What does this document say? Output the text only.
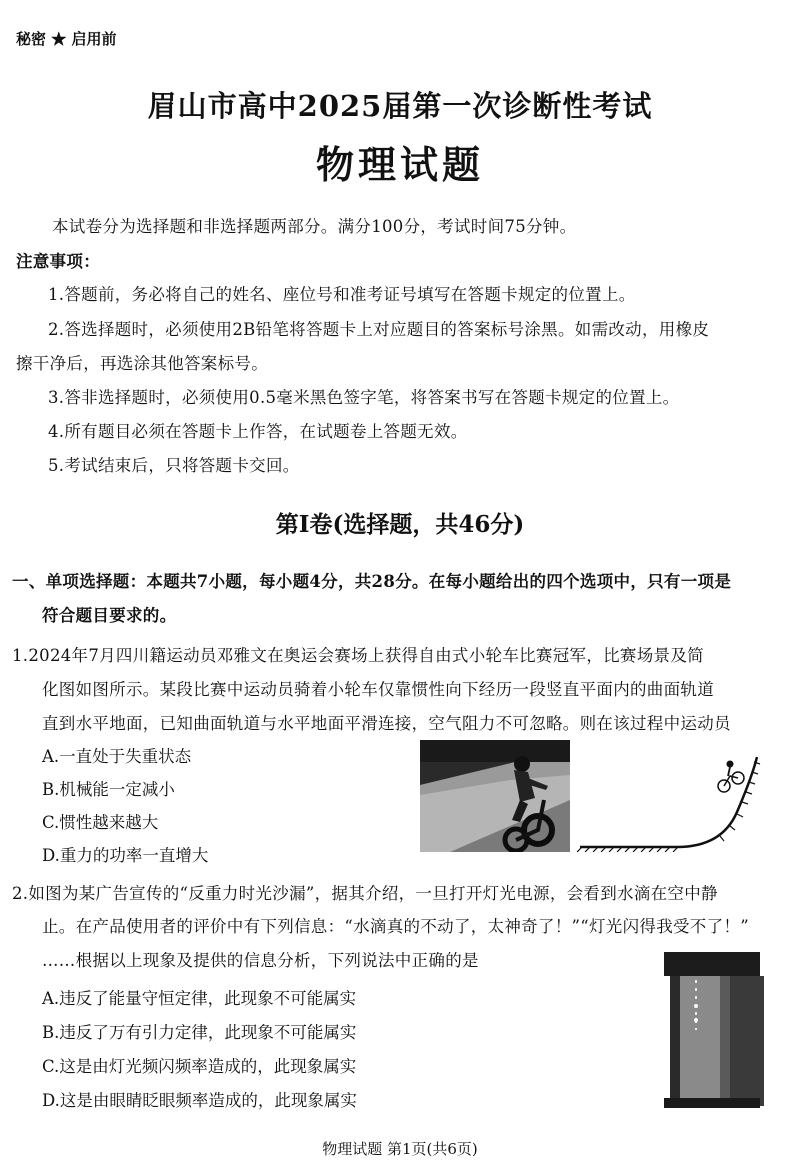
秘密 ★ 启用前
眉山市高中2025届第一次诊断性考试
物理试题
本试卷分为选择题和非选择题两部分。满分100分，考试时间75分钟。
注意事项：
1.答题前，务必将自己的姓名、座位号和准考证号填写在答题卡规定的位置上。
2.答选择题时，必须使用2B铅笔将答题卡上对应题目的答案标号涂黑。如需改动，用橡皮
擦干净后，再选涂其他答案标号。
3.答非选择题时，必须使用0.5毫米黑色签字笔，将答案书写在答题卡规定的位置上。
4.所有题目必须在答题卡上作答，在试题卷上答题无效。
5.考试结束后，只将答题卡交回。
第Ⅰ卷(选择题，共46分)
一、单项选择题：本题共7小题，每小题4分，共28分。在每小题给出的四个选项中，只有一项是
符合题目要求的。
1.2024年7月四川籍运动员邓雅文在奥运会赛场上获得自由式小轮车比赛冠军，比赛场景及简
化图如图所示。某段比赛中运动员骑着小轮车仅靠惯性向下经历一段竖直平面内的曲面轨道
直到水平地面，已知曲面轨道与水平地面平滑连接，空气阻力不可忽略。则在该过程中运动员
A.一直处于失重状态
B.机械能一定减小
C.惯性越来越大
D.重力的功率一直增大
2.如图为某广告宣传的“反重力时光沙漏”，据其介绍，一旦打开灯光电源，会看到水滴在空中静
止。在产品使用者的评价中有下列信息：“水滴真的不动了，太神奇了！”“灯光闪得我受不了！”
……根据以上现象及提供的信息分析，下列说法中正确的是
A.违反了能量守恒定律，此现象不可能属实
B.违反了万有引力定律，此现象不可能属实
C.这是由灯光频闪频率造成的，此现象属实
D.这是由眼睛眨眼频率造成的，此现象属实
物理试题 第1页(共6页)
